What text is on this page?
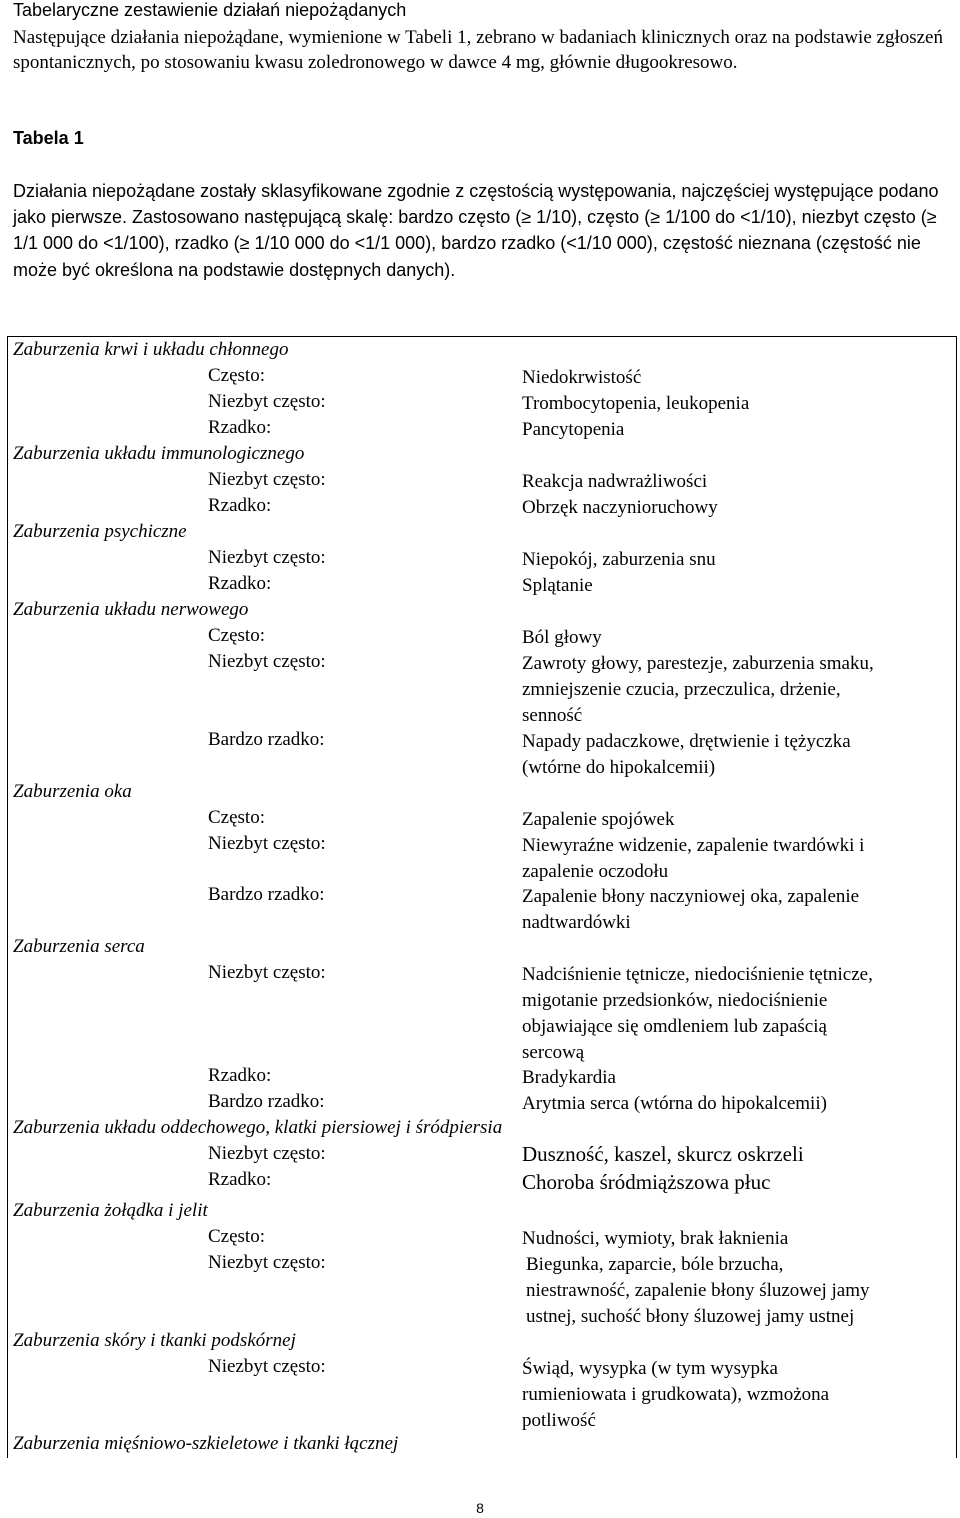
Tabelaryczne zestawienie działań niepożądanych
Następujące działania niepożądane, wymienione w Tabeli 1, zebrano w badaniach klinicznych oraz na podstawie zgłoszeń spontanicznych, po stosowaniu kwasu zoledronowego w dawce 4 mg, głównie długookresowo.
Tabela 1
Działania niepożądane zostały sklasyfikowane zgodnie z częstością występowania, najczęściej występujące podano jako pierwsze. Zastosowano następującą skalę: bardzo często (≥ 1/10), często (≥ 1/100 do <1/10), niezbyt często (≥ 1/1 000 do <1/100), rzadko (≥ 1/10 000 do <1/1 000), bardzo rzadko (<1/10 000), częstość nieznana (częstość nie może być określona na podstawie dostępnych danych).
Zaburzenia krwi i układu chłonnego
Często:	Niedokrwistość
Niezbyt często:	Trombocytopenia, leukopenia
Rzadko:	Pancytopenia
Zaburzenia układu immunologicznego
Niezbyt często:	Reakcja nadwrażliwości
Rzadko:	Obrzęk naczynioruchowy
Zaburzenia psychiczne
Niezbyt często:	Niepokój, zaburzenia snu
Rzadko:	Splątanie
Zaburzenia układu nerwowego
Często:	Ból głowy
Niezbyt często:	Zawroty głowy, parestezje, zaburzenia smaku,
zmniejszenie czucia, przeczulica, drżenie,
senność
Bardzo rzadko:	Napady padaczkowe, drętwienie i tężyczka
(wtórne do hipokalcemii)
Zaburzenia oka
Często:	Zapalenie spojówek
Niezbyt często:	Niewyraźne widzenie, zapalenie twardówki i
zapalenie oczodołu
Bardzo rzadko:	Zapalenie błony naczyniowej oka, zapalenie
nadtwardówki
Zaburzenia serca
Niezbyt często:	Nadciśnienie tętnicze, niedociśnienie tętnicze,
migotanie przedsionków, niedociśnienie
objawiające się omdleniem lub zapaścią
sercową
Rzadko:	Bradykardia
Bardzo rzadko:	Arytmia serca (wtórna do hipokalcemii)
Zaburzenia układu oddechowego, klatki piersiowej i śródpiersia
Niezbyt często:	Duszność, kaszel, skurcz oskrzeli
Rzadko:	Choroba śródmiąższowa płuc
Zaburzenia żołądka i jelit
Często:	Nudności, wymioty, brak łaknienia
Niezbyt często:	Biegunka, zaparcie, bóle brzucha,
niestrawność, zapalenie błony śluzowej jamy
ustnej, suchość błony śluzowej jamy ustnej
Zaburzenia skóry i tkanki podskórnej
Niezbyt często:	Świąd, wysypka (w tym wysypka
rumieniowata i grudkowata), wzmożona
potliwość
Zaburzenia mięśniowo-szkieletowe i tkanki łącznej
8
